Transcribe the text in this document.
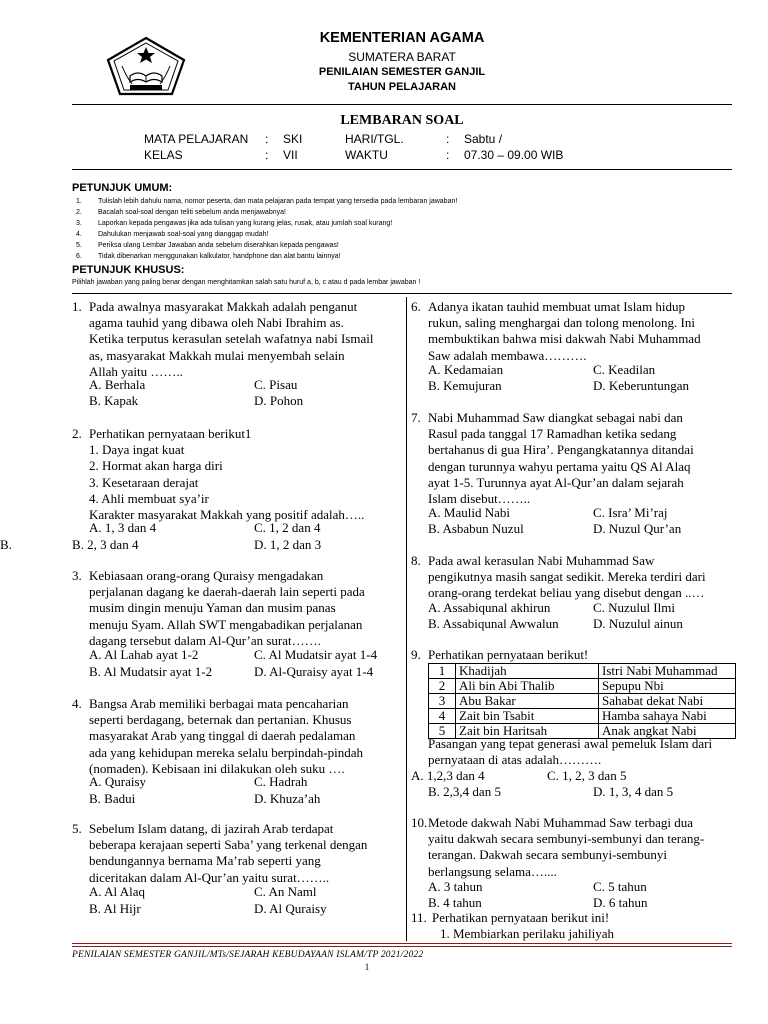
KEMENTERIAN AGAMA
SUMATERA BARAT
PENILAIAN SEMESTER GANJIL
TAHUN PELAJARAN
LEMBARAN SOAL
MATA PELAJARAN : SKI	HARI/TGL.	: Sabtu /
KELAS	: VII	WAKTU	: 07.30 – 09.00 WIB
PETUNJUK UMUM:
1. Tulislah lebih dahulu nama, nomor peserta, dan mata pelajaran pada tempat yang tersedia pada lembaran jawaban!
2. Bacalah soal-soal dengan teliti sebelum anda menjawabnya!
3. Laporkan kepada pengawas jika ada tulisan yang kurang jelas, rusak, atau jumlah soal kurang!
4. Dahulukan menjawab soal-soal yang dianggap mudah!
5. Periksa ulang Lembar Jawaban anda sebelum diserahkan kepada pengawas!
6. Tidak dibenarkan menggunakan kalkulator, handphone dan alat bantu lainnya!
PETUNJUK KHUSUS:
Pilihlah jawaban yang paling benar dengan menghitamkan salah satu huruf a, b, c atau d pada lembar jawaban !
1. Pada awalnya masyarakat Makkah adalah penganut
agama tauhid yang dibawa oleh Nabi Ibrahim as.
Ketika terputus kerasulan setelah wafatnya nabi Ismail
as, masyarakat Makkah mulai menyembah selain
Allah yaitu ……..
A. Berhala	C. Pisau
B. Kapak	D. Pohon
2. Perhatikan pernyataan berikut1
1. Daya ingat kuat
2. Hormat akan harga diri
3. Kesetaraan derajat
4. Ahli membuat sya’ir
Karakter masyarakat Makkah yang positif adalah…..
A. 1, 3 dan 4	C. 1, 2 dan 4
B.	B. 2, 3 dan 4	D. 1, 2 dan 3
3. Kebiasaan orang-orang Quraisy mengadakan
perjalanan dagang ke daerah-daerah lain seperti pada
musim dingin menuju Yaman dan musim panas
menuju Syam. Allah SWT mengabadikan perjalanan
dagang tersebut dalam Al-Qur’an surat…….
A. Al Lahab ayat 1-2	C. Al Mudatsir ayat 1-4
B. Al Mudatsir ayat 1-2	D. Al-Quraisy ayat 1-4
4. Bangsa Arab memiliki berbagai mata pencaharian
seperti berdagang, beternak dan pertanian. Khusus
masyarakat Arab yang tinggal di daerah pedalaman
ada yang kehidupan mereka selalu berpindah-pindah
(nomaden). Kebisaan ini dilakukan oleh suku ….
A. Quraisy	C. Hadrah
B. Badui	D. Khuza’ah
5. Sebelum Islam datang, di jazirah Arab terdapat
beberapa kerajaan seperti Saba’ yang terkenal dengan
bendungannya bernama Ma’rab seperti yang
diceritakan dalam Al-Qur’an yaitu surat……..
A. Al Alaq	C. An Naml
B. Al Hijr	D. Al Quraisy
6. Adanya ikatan tauhid membuat umat Islam hidup
rukun, saling menghargai dan tolong menolong. Ini
membuktikan bahwa misi dakwah Nabi Muhammad
Saw adalah membawa……….
A. Kedamaian	C. Keadilan
B. Kemujuran	D. Keberuntungan
7. Nabi Muhammad Saw diangkat sebagai nabi dan
Rasul pada tanggal 17 Ramadhan ketika sedang
bertahanus di gua Hira’. Pengangkatannya ditandai
dengan turunnya wahyu pertama yaitu QS Al Alaq
ayat 1-5. Turunnya ayat Al-Qur’an dalam sejarah
Islam disebut……..
A. Maulid Nabi	C. Isra’ Mi’raj
B. Asbabun Nuzul	D. Nuzul Qur’an
8. Pada awal kerasulan Nabi Muhammad Saw
pengikutnya masih sangat sedikit. Mereka terdiri dari
orang-orang terdekat beliau yang disebut dengan ..…
A. Assabiqunal akhirun	C. Nuzulul Ilmi
B. Assabiqunal Awwalun	D. Nuzulul ainun
9. Perhatikan pernyataan berikut!
1	Khadijah	Istri Nabi Muhammad
2	Ali bin Abi Thalib	Sepupu Nbi
3	Abu Bakar	Sahabat dekat Nabi
4	Zait bin Tsabit	Hamba sahaya Nabi
5	Zait bin Haritsah	Anak angkat Nabi
Pasangan yang tepat generasi awal pemeluk Islam dari
pernyataan di atas adalah……….
A. 1,2,3 dan 4	C. 1, 2, 3 dan 5
B. 2,3,4 dan 5	D. 1, 3, 4 dan 5
10. Metode dakwah Nabi Muhammad Saw terbagi dua
yaitu dakwah secara sembunyi-sembunyi dan terang-
terangan. Dakwah secara sembunyi-sembunyi
berlangsung selama…....
A. 3 tahun	C. 5 tahun
B. 4 tahun	D. 6 tahun
11. Perhatikan pernyataan berikut ini!
1. Membiarkan perilaku jahiliyah
PENILAIAN SEMESTER GANJIL/MTs/SEJARAH KEBUDAYAAN ISLAM/TP 2021/2022
1
